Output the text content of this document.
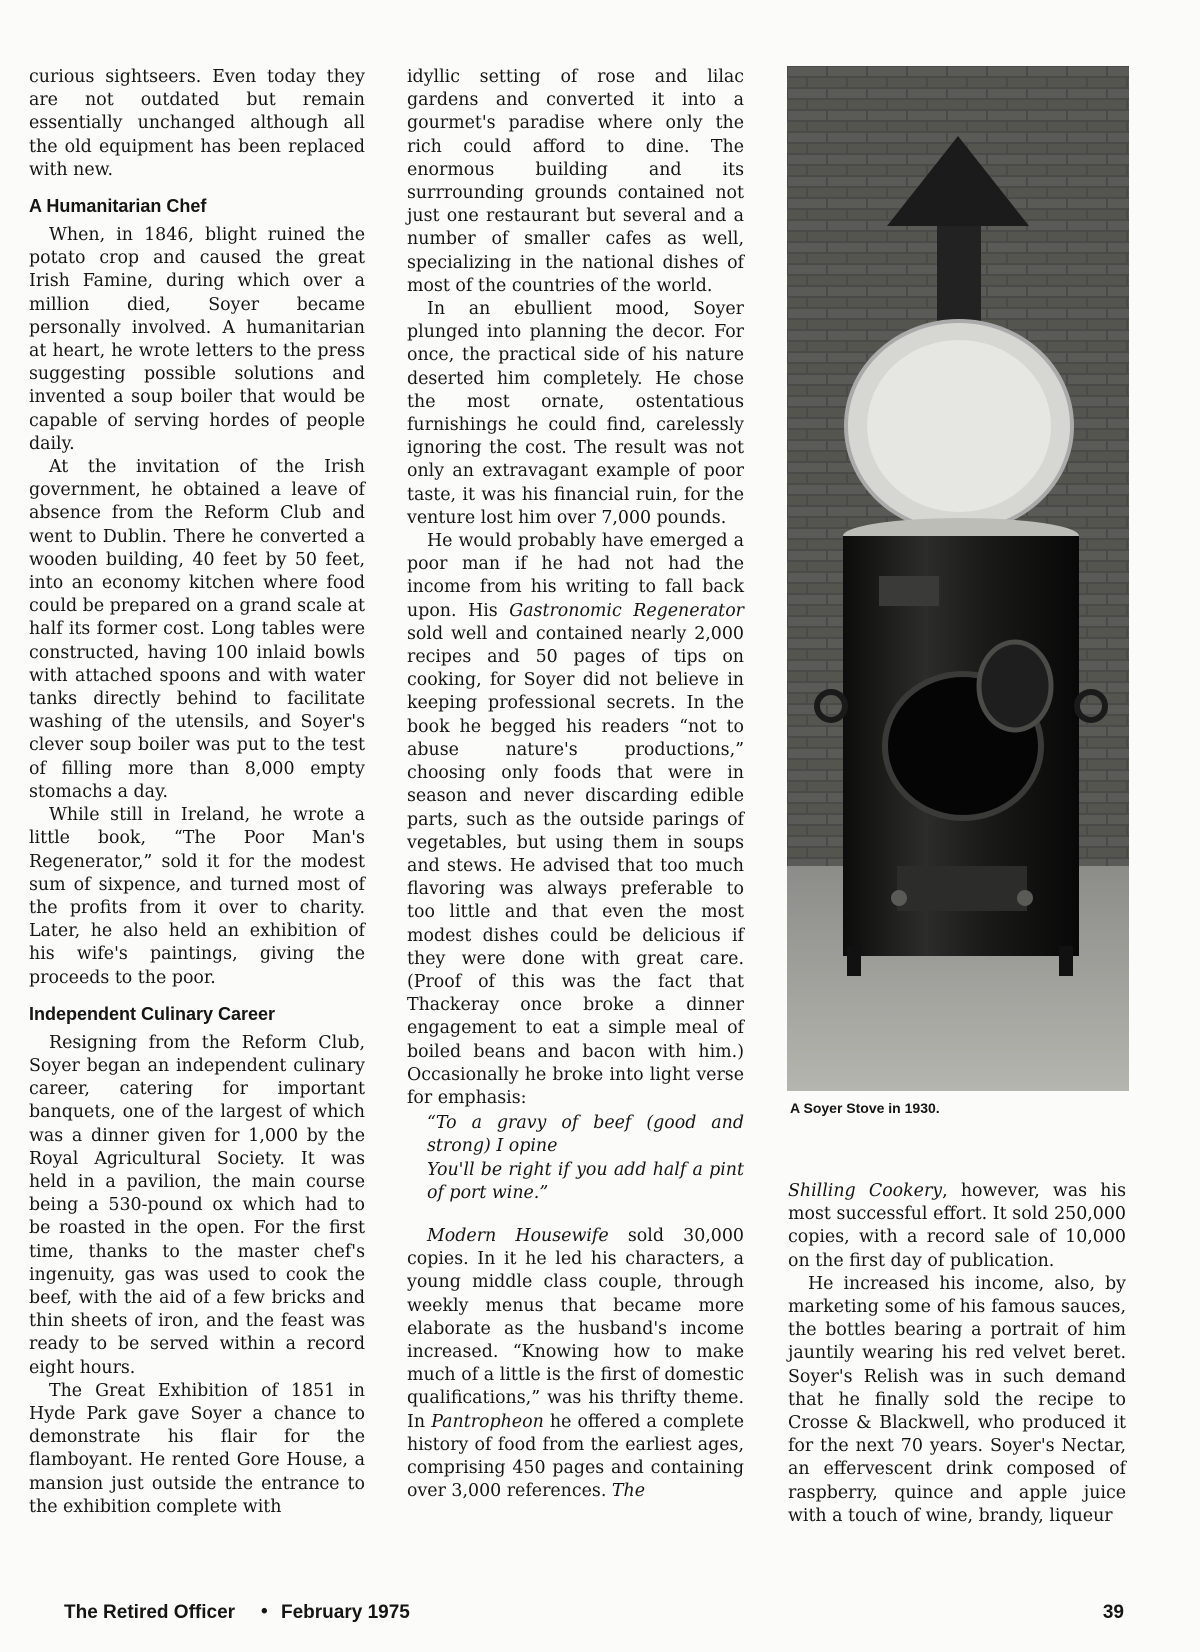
curious sightseers. Even today they are not outdated but remain essentially unchanged although all the old equipment has been replaced with new.

A Humanitarian Chef

When, in 1846, blight ruined the potato crop and caused the great Irish Famine, during which over a million died, Soyer became personally involved. A humanitarian at heart, he wrote letters to the press suggesting possible solutions and invented a soup boiler that would be capable of serving hordes of people daily.

At the invitation of the Irish government, he obtained a leave of absence from the Reform Club and went to Dublin. There he converted a wooden building, 40 feet by 50 feet, into an economy kitchen where food could be prepared on a grand scale at half its former cost. Long tables were constructed, having 100 inlaid bowls with attached spoons and with water tanks directly behind to facilitate washing of the utensils, and Soyer's clever soup boiler was put to the test of filling more than 8,000 empty stomachs a day.

While still in Ireland, he wrote a little book, “The Poor Man's Regenerator,” sold it for the modest sum of sixpence, and turned most of the profits from it over to charity. Later, he also held an exhibition of his wife's paintings, giving the proceeds to the poor.

Independent Culinary Career

Resigning from the Reform Club, Soyer began an independent culinary career, catering for important banquets, one of the largest of which was a dinner given for 1,000 by the Royal Agricultural Society. It was held in a pavilion, the main course being a 530-pound ox which had to be roasted in the open. For the first time, thanks to the master chef's ingenuity, gas was used to cook the beef, with the aid of a few bricks and thin sheets of iron, and the feast was ready to be served within a record eight hours.

The Great Exhibition of 1851 in Hyde Park gave Soyer a chance to demonstrate his flair for the flamboyant. He rented Gore House, a mansion just outside the entrance to the exhibition complete with

idyllic setting of rose and lilac gardens and converted it into a gourmet's paradise where only the rich could afford to dine. The enormous building and its surrrounding grounds contained not just one restaurant but several and a number of smaller cafes as well, specializing in the national dishes of most of the countries of the world.

In an ebullient mood, Soyer plunged into planning the decor. For once, the practical side of his nature deserted him completely. He chose the most ornate, ostentatious furnishings he could find, carelessly ignoring the cost. The result was not only an extravagant example of poor taste, it was his financial ruin, for the venture lost him over 7,000 pounds.

He would probably have emerged a poor man if he had not had the income from his writing to fall back upon. His Gastronomic Regenerator sold well and contained nearly 2,000 recipes and 50 pages of tips on cooking, for Soyer did not believe in keeping professional secrets. In the book he begged his readers “not to abuse nature's productions,” choosing only foods that were in season and never discarding edible parts, such as the outside parings of vegetables, but using them in soups and stews. He advised that too much flavoring was always preferable to too little and that even the most modest dishes could be delicious if they were done with great care. (Proof of this was the fact that Thackeray once broke a dinner engagement to eat a simple meal of boiled beans and bacon with him.) Occasionally he broke into light verse for emphasis:

“To a gravy of beef (good and strong) I opine

You'll be right if you add half a pint of port wine.”

Modern Housewife sold 30,000 copies. In it he led his characters, a young middle class couple, through weekly menus that became more elaborate as the husband's income increased. “Knowing how to make much of a little is the first of domestic qualifications,” was his thrifty theme. In Pantropheon he offered a complete history of food from the earliest ages, comprising 450 pages and containing over 3,000 references. The

A Soyer Stove in 1930.

Shilling Cookery, however, was his most successful effort. It sold 250,000 copies, with a record sale of 10,000 on the first day of publication.

He increased his income, also, by marketing some of his famous sauces, the bottles bearing a portrait of him jauntily wearing his red velvet beret. Soyer's Relish was in such demand that he finally sold the recipe to Crosse & Blackwell, who produced it for the next 70 years. Soyer's Nectar, an effervescent drink composed of raspberry, quince and apple juice with a touch of wine, brandy, liqueur

The Retired Officer • February 1975	39
